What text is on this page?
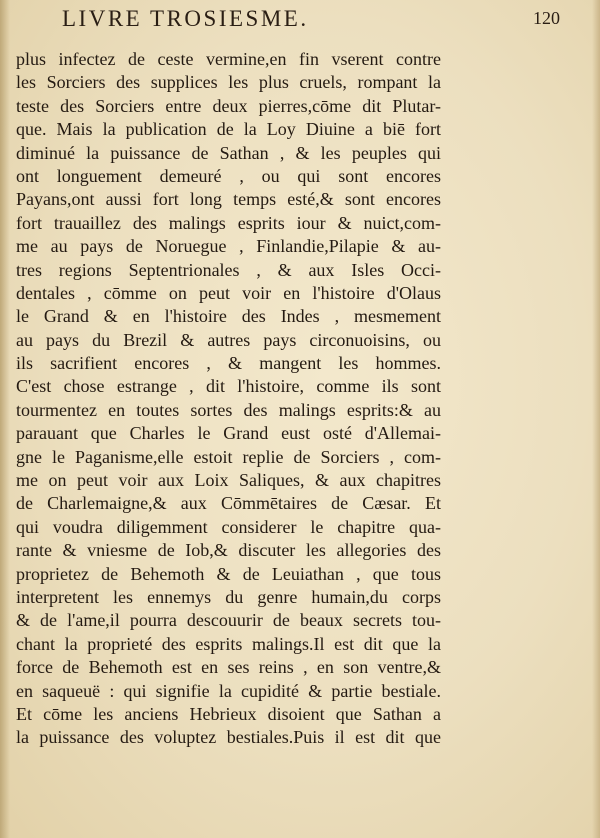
LIVRE TROSIESME.	120
plus infectez de ceste vermine,en fin vserent contre
les Sorciers des supplices les plus cruels, rompant la
teste des Sorciers entre deux pierres,cōme dit Plutar-
que. Mais la publication de la Loy Diuine a biē fort
diminué la puissance de Sathan , & les peuples qui
ont longuement demeuré , ou qui sont encores
Payans,ont aussi fort long temps esté,& sont encores
fort trauaillez des malings esprits iour & nuict,com-
me au pays de Noruegue , Finlandie,Pilapie & au-
tres regions Septentrionales , & aux Isles Occi-
dentales , cōmme on peut voir en l'histoire d'Olaus
le Grand & en l'histoire des Indes , mesmement
au pays du Brezil & autres pays circonuoisins, ou
ils sacrifient encores , & mangent les hommes.
C'est chose estrange , dit l'histoire, comme ils sont
tourmentez en toutes sortes des malings esprits:& au
parauant que Charles le Grand eust osté d'Allemai-
gne le Paganisme,elle estoit replie de Sorciers , com-
me on peut voir aux Loix Saliques, & aux chapitres
de Charlemaigne,& aux Cōmmētaires de Cæsar. Et
qui voudra diligemment considerer le chapitre qua-
rante & vniesme de Iob,& discuter les allegories des
proprietez de Behemoth & de Leuiathan , que tous
interpretent les ennemys du genre humain,du corps
& de l'ame,il pourra descouurir de beaux secrets tou-
chant la proprieté des esprits malings.Il est dit que la
force de Behemoth est en ses reins , en son ventre,&
en saqueuë : qui signifie la cupidité & partie bestiale.
Et cōme les anciens Hebrieux disoient que Sathan a
la puissance des voluptez bestiales.Puis il est dit que
